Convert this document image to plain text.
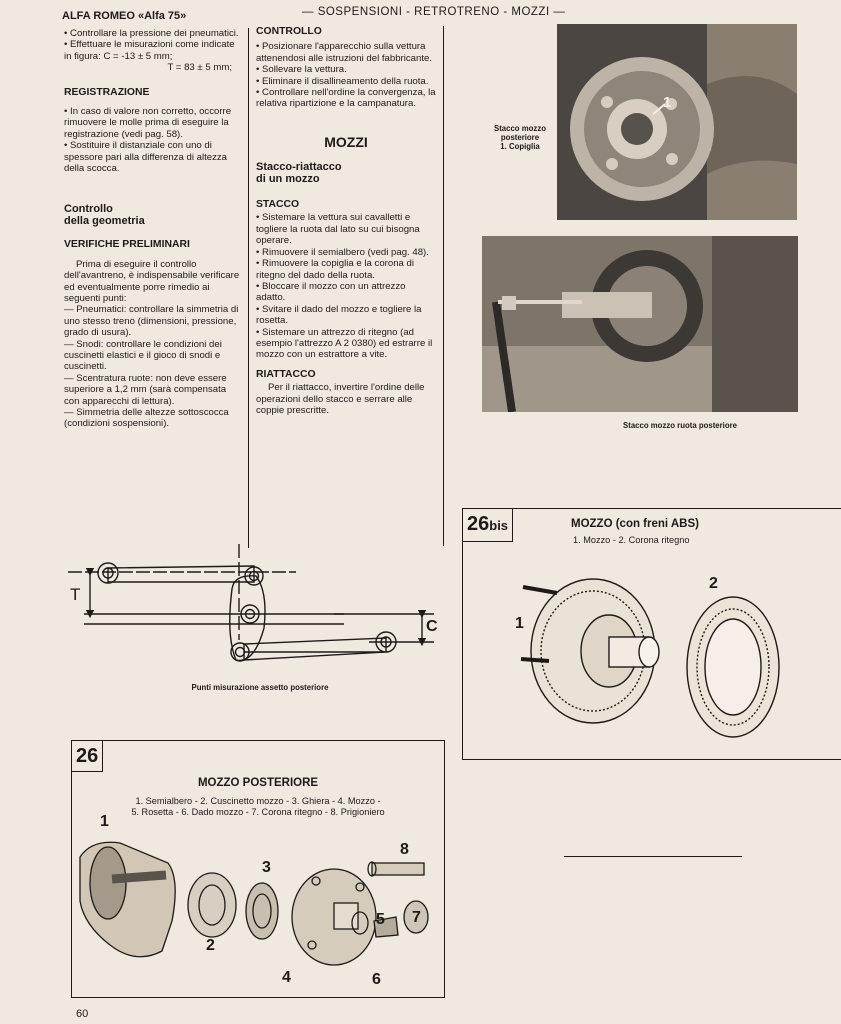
— SOSPENSIONI - RETROTRENO - MOZZI —
ALFA ROMEO «Alfa 75»

• Controllare la pressione dei pneumatici.

• Effettuare le misurazioni come indicate in figura: C = -13 ± 5 mm;

T = 83 ± 5 mm;

REGISTRAZIONE

• In caso di valore non corretto, occorre rimuovere le molle prima di eseguire la registrazione (vedi pag. 58).

• Sostituire il distanziale con uno di spessore pari alla differenza di altezza della scocca.

Controllo

della geometria

VERIFICHE PRELIMINARI

Prima di eseguire il controllo dell'avantreno, è indispensabile verificare ed eventualmente porre rimedio ai seguenti punti:

— Pneumatici: controllare la simmetria di uno stesso treno (dimensioni, pressione, grado di usura).

— Snodi: controllare le condizioni dei cuscinetti elastici e il gioco di snodi e cuscinetti.

— Scentratura ruote: non deve essere superiore a 1,2 mm (sarà compensata con apparecchi di lettura).

— Simmetria delle altezze sottoscocca (condizioni sospensioni).

CONTROLLO

• Posizionare l'apparecchio sulla vettura attenendosi alle istruzioni del fabbricante.

• Sollevare la vettura.

• Eliminare il disallineamento della ruota.

• Controllare nell'ordine la convergenza, la relativa ripartizione e la campanatura.

MOZZI

Stacco-riattacco

di un mozzo

STACCO

• Sistemare la vettura sui cavalletti e togliere la ruota dal lato su cui bisogna operare.

• Rimuovere il semialbero (vedi pag. 48).

• Rimuovere la copiglia e la corona di ritegno del dado della ruota.

• Bloccare il mozzo con un attrezzo adatto.

• Svitare il dado del mozzo e togliere la rosetta.

• Sistemare un attrezzo di ritegno (ad esempio l'attrezzo A 2 0380) ed estrarre il mozzo con un estrattore a vite.

RIATTACCO

Per il riattacco, invertire l'ordine delle operazioni dello stacco e serrare alle coppie prescritte.

1
Stacco mozzo
posteriore
1. Copiglia
Stacco mozzo ruota posteriore
T
C
Punti misurazione assetto posteriore
26
MOZZO POSTERIORE
1. Semialbero - 2. Cuscinetto mozzo - 3. Ghiera - 4. Mozzo -
5. Rosetta - 6. Dado mozzo - 7. Corona ritegno - 8. Prigioniero
1
2
3
4
5
6
7
8
26bis	MOZZO (con freni ABS)
1. Mozzo - 2. Corona ritegno
1
2
60
